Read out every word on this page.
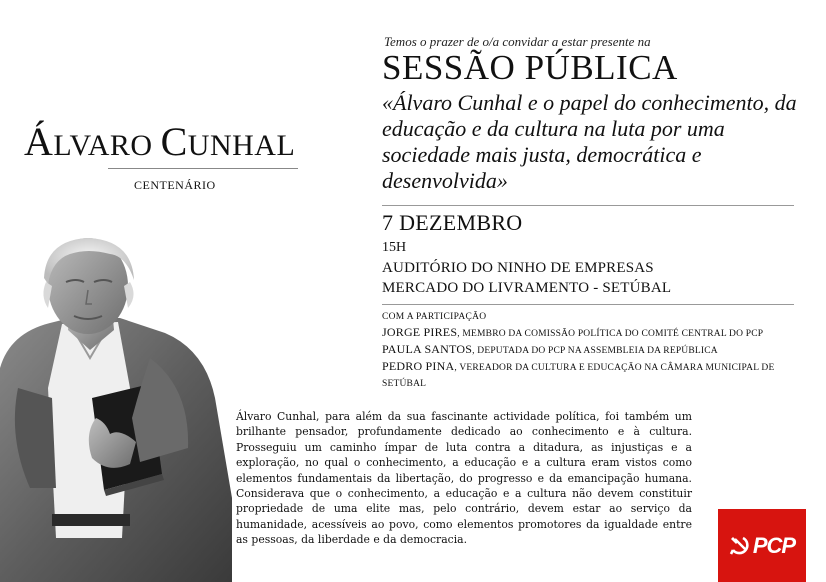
ÁLVARO CUNHAL
CENTENÁRIO
Temos o prazer de o/a convidar a estar presente na
SESSÃO PÚBLICA
«Álvaro Cunhal e o papel do conhecimento, da educação e da cultura na luta por uma sociedade mais justa, democrática e desenvolvida»
7 DEZEMBRO
15H
AUDITÓRIO DO NINHO DE EMPRESAS
MERCADO DO LIVRAMENTO - SETÚBAL
COM A PARTICIPAÇÃO
JORGE PIRES, MEMBRO DA COMISSÃO POLÍTICA DO COMITÉ CENTRAL DO PCP
PAULA SANTOS, DEPUTADA DO PCP NA ASSEMBLEIA DA REPÚBLICA
PEDRO PINA, VEREADOR DA CULTURA E EDUCAÇÃO NA CÂMARA MUNICIPAL DE SETÚBAL
Álvaro Cunhal, para além da sua fascinante actividade política, foi também um brilhante pensador, profundamente dedicado ao conhecimento e à cultura. Prosseguiu um caminho ímpar de luta contra a ditadura, as injustiças e a exploração, no qual o conhecimento, a educação e a cultura eram vistos como elementos fundamentais da libertação, do progresso e da emancipação humana. Considerava que o conhecimento, a educação e a cultura não devem constituir propriedade de uma elite mas, pelo contrário, devem estar ao serviço da humanidade, acessíveis ao povo, como elementos promotores da igualdade entre as pessoas, da liberdade e da democracia.	PCP
